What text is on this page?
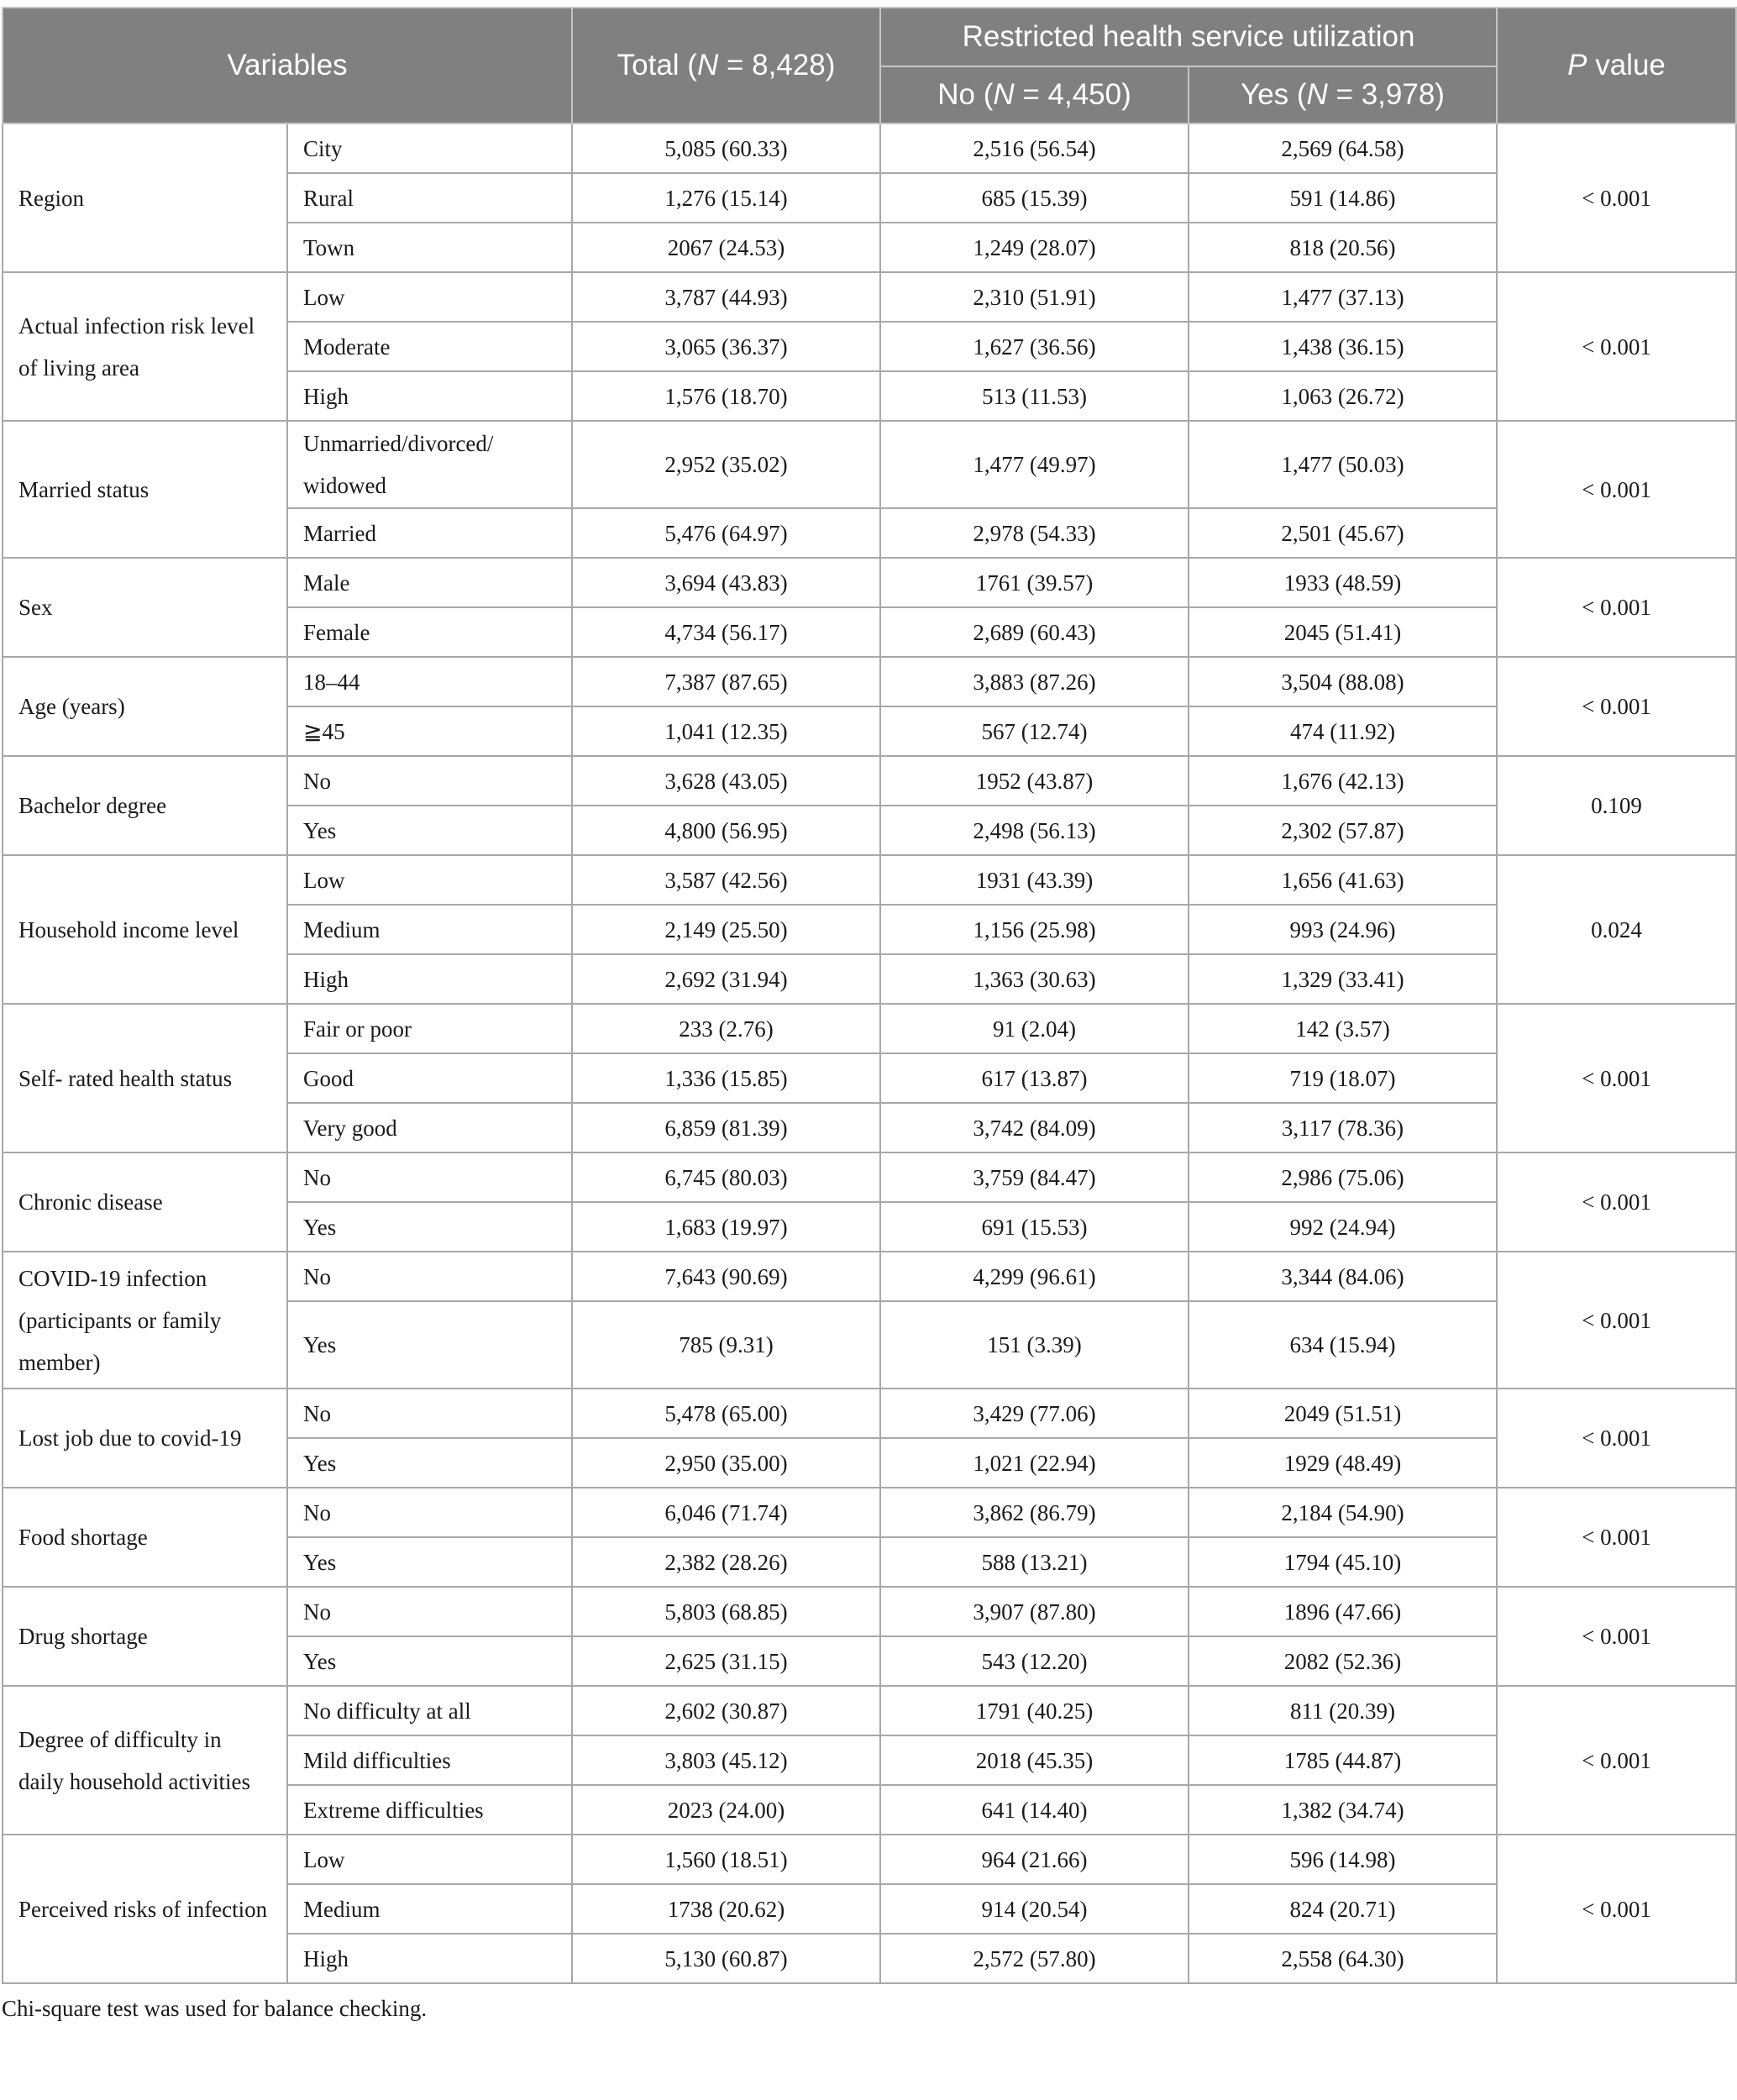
Variables		Total (N = 8,428)	Restricted health service utilization		P value
			No (N = 4,450)	Yes (N = 3,978)	
Region	City	5,085 (60.33)	2,516 (56.54)	2,569 (64.58)	< 0.001
	Rural	1,276 (15.14)	685 (15.39)	591 (14.86)	
	Town	2067 (24.53)	1,249 (28.07)	818 (20.56)	
Actual infection risk level of living area	Low	3,787 (44.93)	2,310 (51.91)	1,477 (37.13)	< 0.001
	Moderate	3,065 (36.37)	1,627 (36.56)	1,438 (36.15)	
	High	1,576 (18.70)	513 (11.53)	1,063 (26.72)	
Married status	Unmarried/divorced/ widowed	2,952 (35.02)	1,477 (49.97)	1,477 (50.03)	< 0.001
	Married	5,476 (64.97)	2,978 (54.33)	2,501 (45.67)	
Sex	Male	3,694 (43.83)	1761 (39.57)	1933 (48.59)	< 0.001
	Female	4,734 (56.17)	2,689 (60.43)	2045 (51.41)	
Age (years)	18–44	7,387 (87.65)	3,883 (87.26)	3,504 (88.08)	< 0.001
	≧45	1,041 (12.35)	567 (12.74)	474 (11.92)	
Bachelor degree	No	3,628 (43.05)	1952 (43.87)	1,676 (42.13)	0.109
	Yes	4,800 (56.95)	2,498 (56.13)	2,302 (57.87)	
Household income level	Low	3,587 (42.56)	1931 (43.39)	1,656 (41.63)	0.024
	Medium	2,149 (25.50)	1,156 (25.98)	993 (24.96)	
	High	2,692 (31.94)	1,363 (30.63)	1,329 (33.41)	
Self- rated health status	Fair or poor	233 (2.76)	91 (2.04)	142 (3.57)	< 0.001
	Good	1,336 (15.85)	617 (13.87)	719 (18.07)	
	Very good	6,859 (81.39)	3,742 (84.09)	3,117 (78.36)	
Chronic disease	No	6,745 (80.03)	3,759 (84.47)	2,986 (75.06)	< 0.001
	Yes	1,683 (19.97)	691 (15.53)	992 (24.94)	
COVID-19 infection (participants or family member)	No	7,643 (90.69)	4,299 (96.61)	3,344 (84.06)	< 0.001
	Yes	785 (9.31)	151 (3.39)	634 (15.94)	
Lost job due to covid-19	No	5,478 (65.00)	3,429 (77.06)	2049 (51.51)	< 0.001
	Yes	2,950 (35.00)	1,021 (22.94)	1929 (48.49)	
Food shortage	No	6,046 (71.74)	3,862 (86.79)	2,184 (54.90)	< 0.001
	Yes	2,382 (28.26)	588 (13.21)	1794 (45.10)	
Drug shortage	No	5,803 (68.85)	3,907 (87.80)	1896 (47.66)	< 0.001
	Yes	2,625 (31.15)	543 (12.20)	2082 (52.36)	
Degree of difficulty in daily household activities	No difficulty at all	2,602 (30.87)	1791 (40.25)	811 (20.39)	< 0.001
	Mild difficulties	3,803 (45.12)	2018 (45.35)	1785 (44.87)	
	Extreme difficulties	2023 (24.00)	641 (14.40)	1,382 (34.74)	
Perceived risks of infection	Low	1,560 (18.51)	964 (21.66)	596 (14.98)	< 0.001
	Medium	1738 (20.62)	914 (20.54)	824 (20.71)	
	High	5,130 (60.87)	2,572 (57.80)	2,558 (64.30)	
Chi-square test was used for balance checking.
